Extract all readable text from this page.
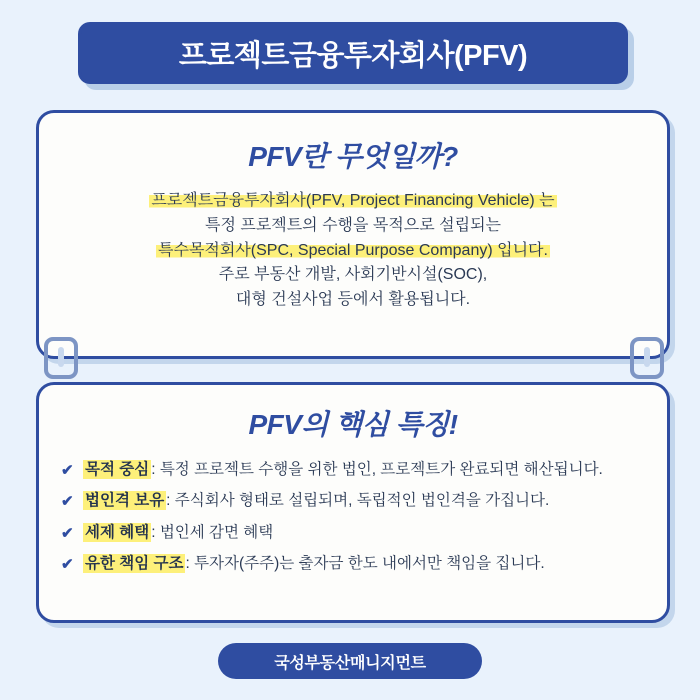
프로젝트금융투자회사(PFV)
PFV란 무엇일까?
프로젝트금융투자회사(PFV, Project Financing Vehicle) 는
특정 프로젝트의 수행을 목적으로 설립되는
특수목적회사(SPC, Special Purpose Company) 입니다.
주로 부동산 개발, 사회기반시설(SOC),
대형 건설사업 등에서 활용됩니다.
PFV의 핵심 특징!
✔ 목적 중심 : 특정 프로젝트 수행을 위한 법인, 프로젝트가 완료되면 해산됩니다.
✔ 법인격 보유 : 주식회사 형태로 설립되며, 독립적인 법인격을 가집니다.
✔ 세제 혜택 : 법인세 감면 혜택
✔ 유한 책임 구조 : 투자자(주주)는 출자금 한도 내에서만 책임을 집니다.
국성부동산매니지먼트
